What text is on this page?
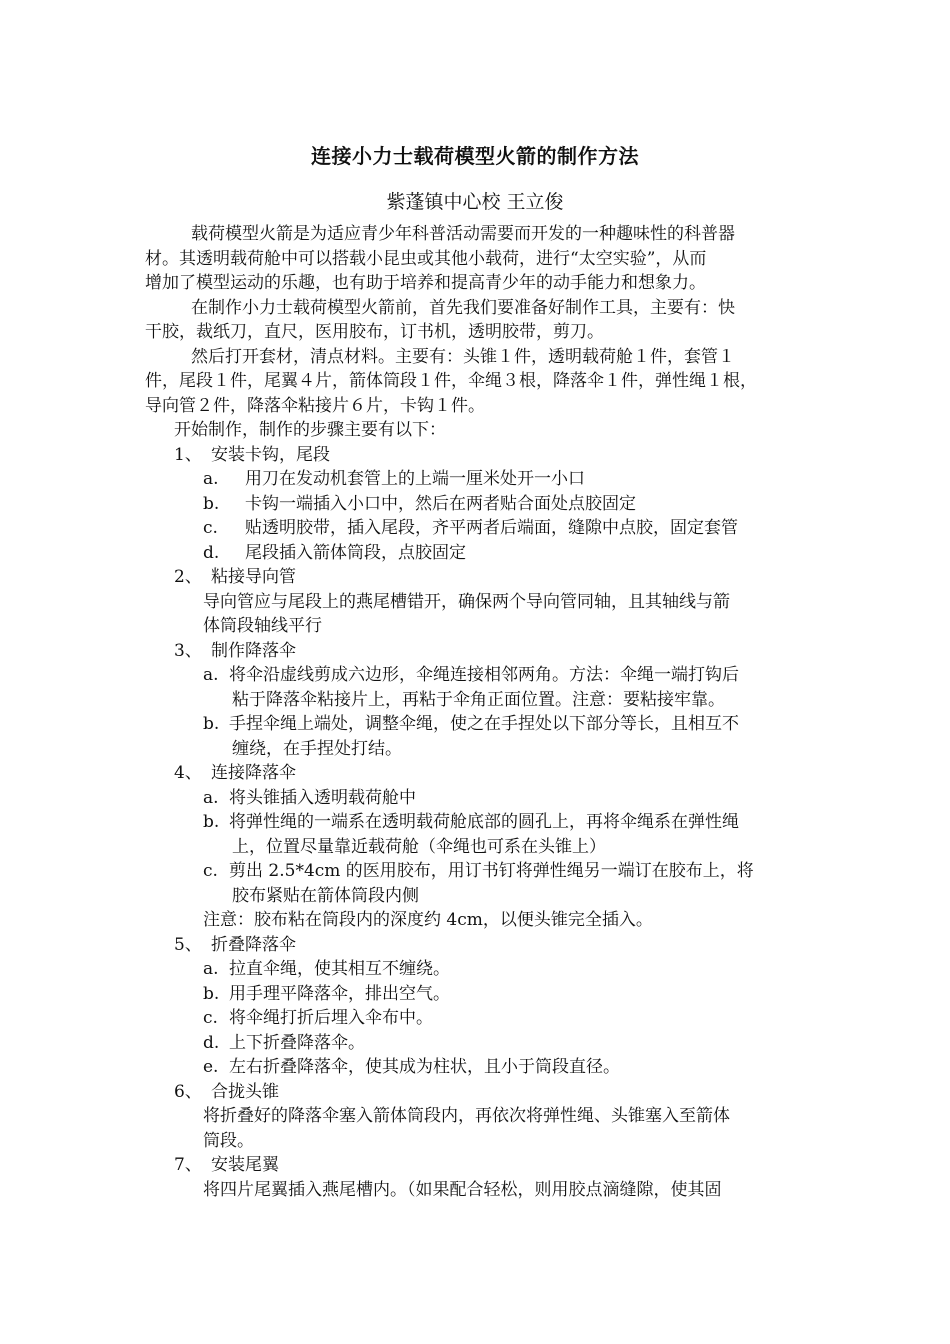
连接小力士载荷模型火箭的制作方法
紫蓬镇中心校 王立俊
载荷模型火箭是为适应青少年科普活动需要而开发的一种趣味性的科普器
材。其透明载荷舱中可以搭载小昆虫或其他小载荷，进行“太空实验”，从而
增加了模型运动的乐趣，也有助于培养和提高青少年的动手能力和想象力。
在制作小力士载荷模型火箭前，首先我们要准备好制作工具，主要有：快
干胶，裁纸刀，直尺，医用胶布，订书机，透明胶带，剪刀。
然后打开套材，清点材料。主要有：头锥１件，透明载荷舱１件，套管１
件，尾段１件，尾翼４片，箭体筒段１件，伞绳３根，降落伞１件，弹性绳１根，
导向管２件，降落伞粘接片６片，卡钩１件。
开始制作，制作的步骤主要有以下：
1、 安装卡钩，尾段
a. 用刀在发动机套管上的上端一厘米处开一小口
b. 卡钩一端插入小口中，然后在两者贴合面处点胶固定
c. 贴透明胶带，插入尾段，齐平两者后端面，缝隙中点胶，固定套管
d. 尾段插入箭体筒段，点胶固定
2、 粘接导向管
导向管应与尾段上的燕尾槽错开，确保两个导向管同轴，且其轴线与箭
体筒段轴线平行
3、 制作降落伞
a. 将伞沿虚线剪成六边形，伞绳连接相邻两角。方法：伞绳一端打钩后
粘于降落伞粘接片上，再粘于伞角正面位置。注意：要粘接牢靠。
b. 手捏伞绳上端处，调整伞绳，使之在手捏处以下部分等长，且相互不
缠绕，在手捏处打结。
4、 连接降落伞
a. 将头锥插入透明载荷舱中
b. 将弹性绳的一端系在透明载荷舱底部的圆孔上，再将伞绳系在弹性绳
上，位置尽量靠近载荷舱（伞绳也可系在头锥上）
c. 剪出 2.5*4cm 的医用胶布，用订书钉将弹性绳另一端订在胶布上，将
胶布紧贴在箭体筒段内侧
注意：胶布粘在筒段内的深度约 4cm，以便头锥完全插入。
5、 折叠降落伞
a. 拉直伞绳，使其相互不缠绕。
b. 用手理平降落伞，排出空气。
c. 将伞绳打折后埋入伞布中。
d. 上下折叠降落伞。
e. 左右折叠降落伞，使其成为柱状，且小于筒段直径。
6、 合拢头锥
将折叠好的降落伞塞入箭体筒段内，再依次将弹性绳、头锥塞入至箭体
筒段。
7、 安装尾翼
将四片尾翼插入燕尾槽内。（如果配合轻松，则用胶点滴缝隙，使其固
